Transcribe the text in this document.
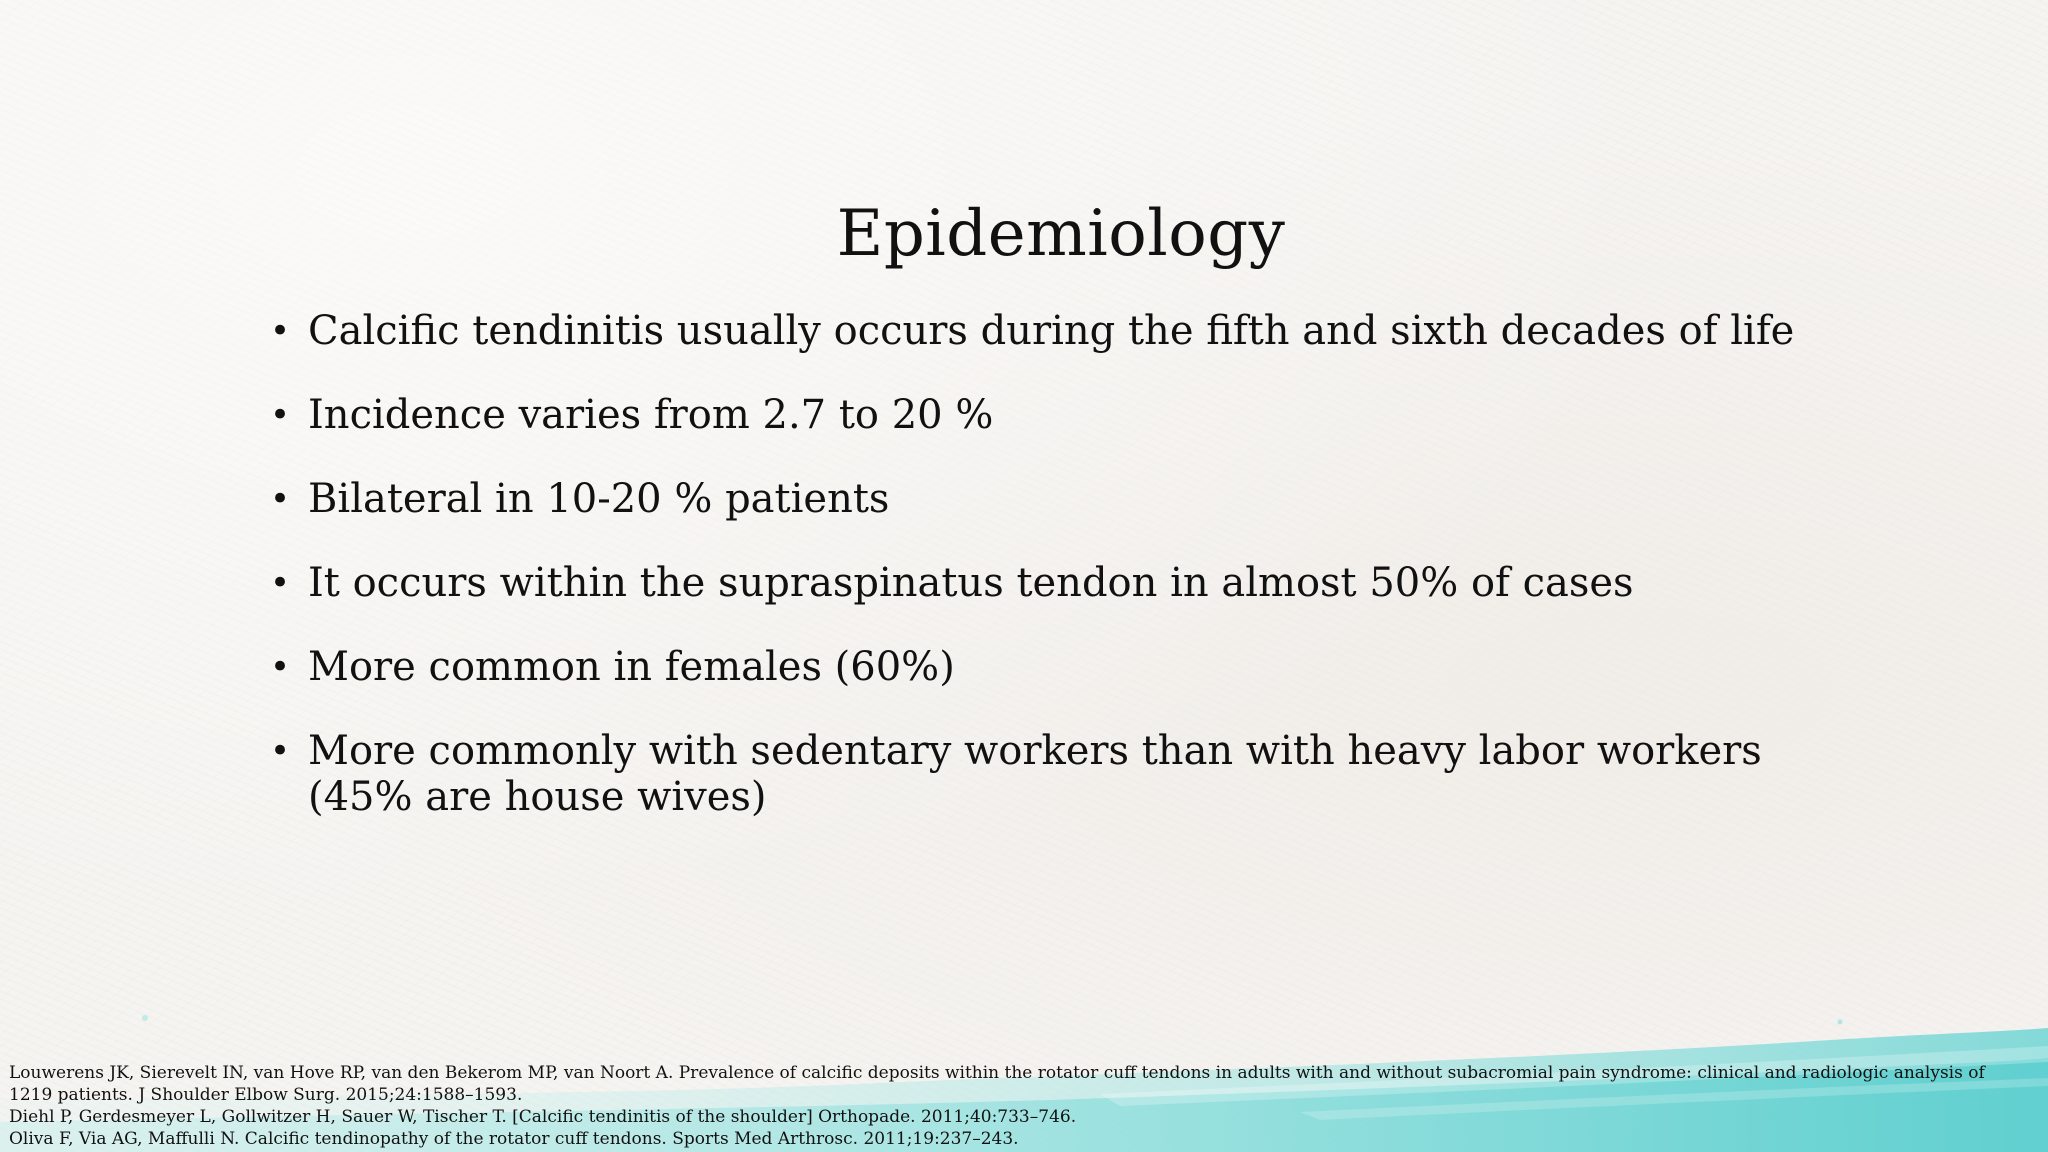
Epidemiology
• Calcific tendinitis usually occurs during the fifth and sixth decades of life
• Incidence varies from 2.7 to 20 %
• Bilateral in 10-20 % patients
• It occurs within the supraspinatus tendon in almost 50% of cases
• More common in females (60%)
• More commonly with sedentary workers than with heavy labor workers (45% are house wives)
Louwerens JK, Sierevelt IN, van Hove RP, van den Bekerom MP, van Noort A. Prevalence of calcific deposits within the rotator cuff tendons in adults with and without subacromial pain syndrome: clinical and radiologic analysis of 1219 patients. J Shoulder Elbow Surg. 2015;24:1588–1593.
Diehl P, Gerdesmeyer L, Gollwitzer H, Sauer W, Tischer T. [Calcific tendinitis of the shoulder] Orthopade. 2011;40:733–746.
Oliva F, Via AG, Maffulli N. Calcific tendinopathy of the rotator cuff tendons. Sports Med Arthrosc. 2011;19:237–243.
